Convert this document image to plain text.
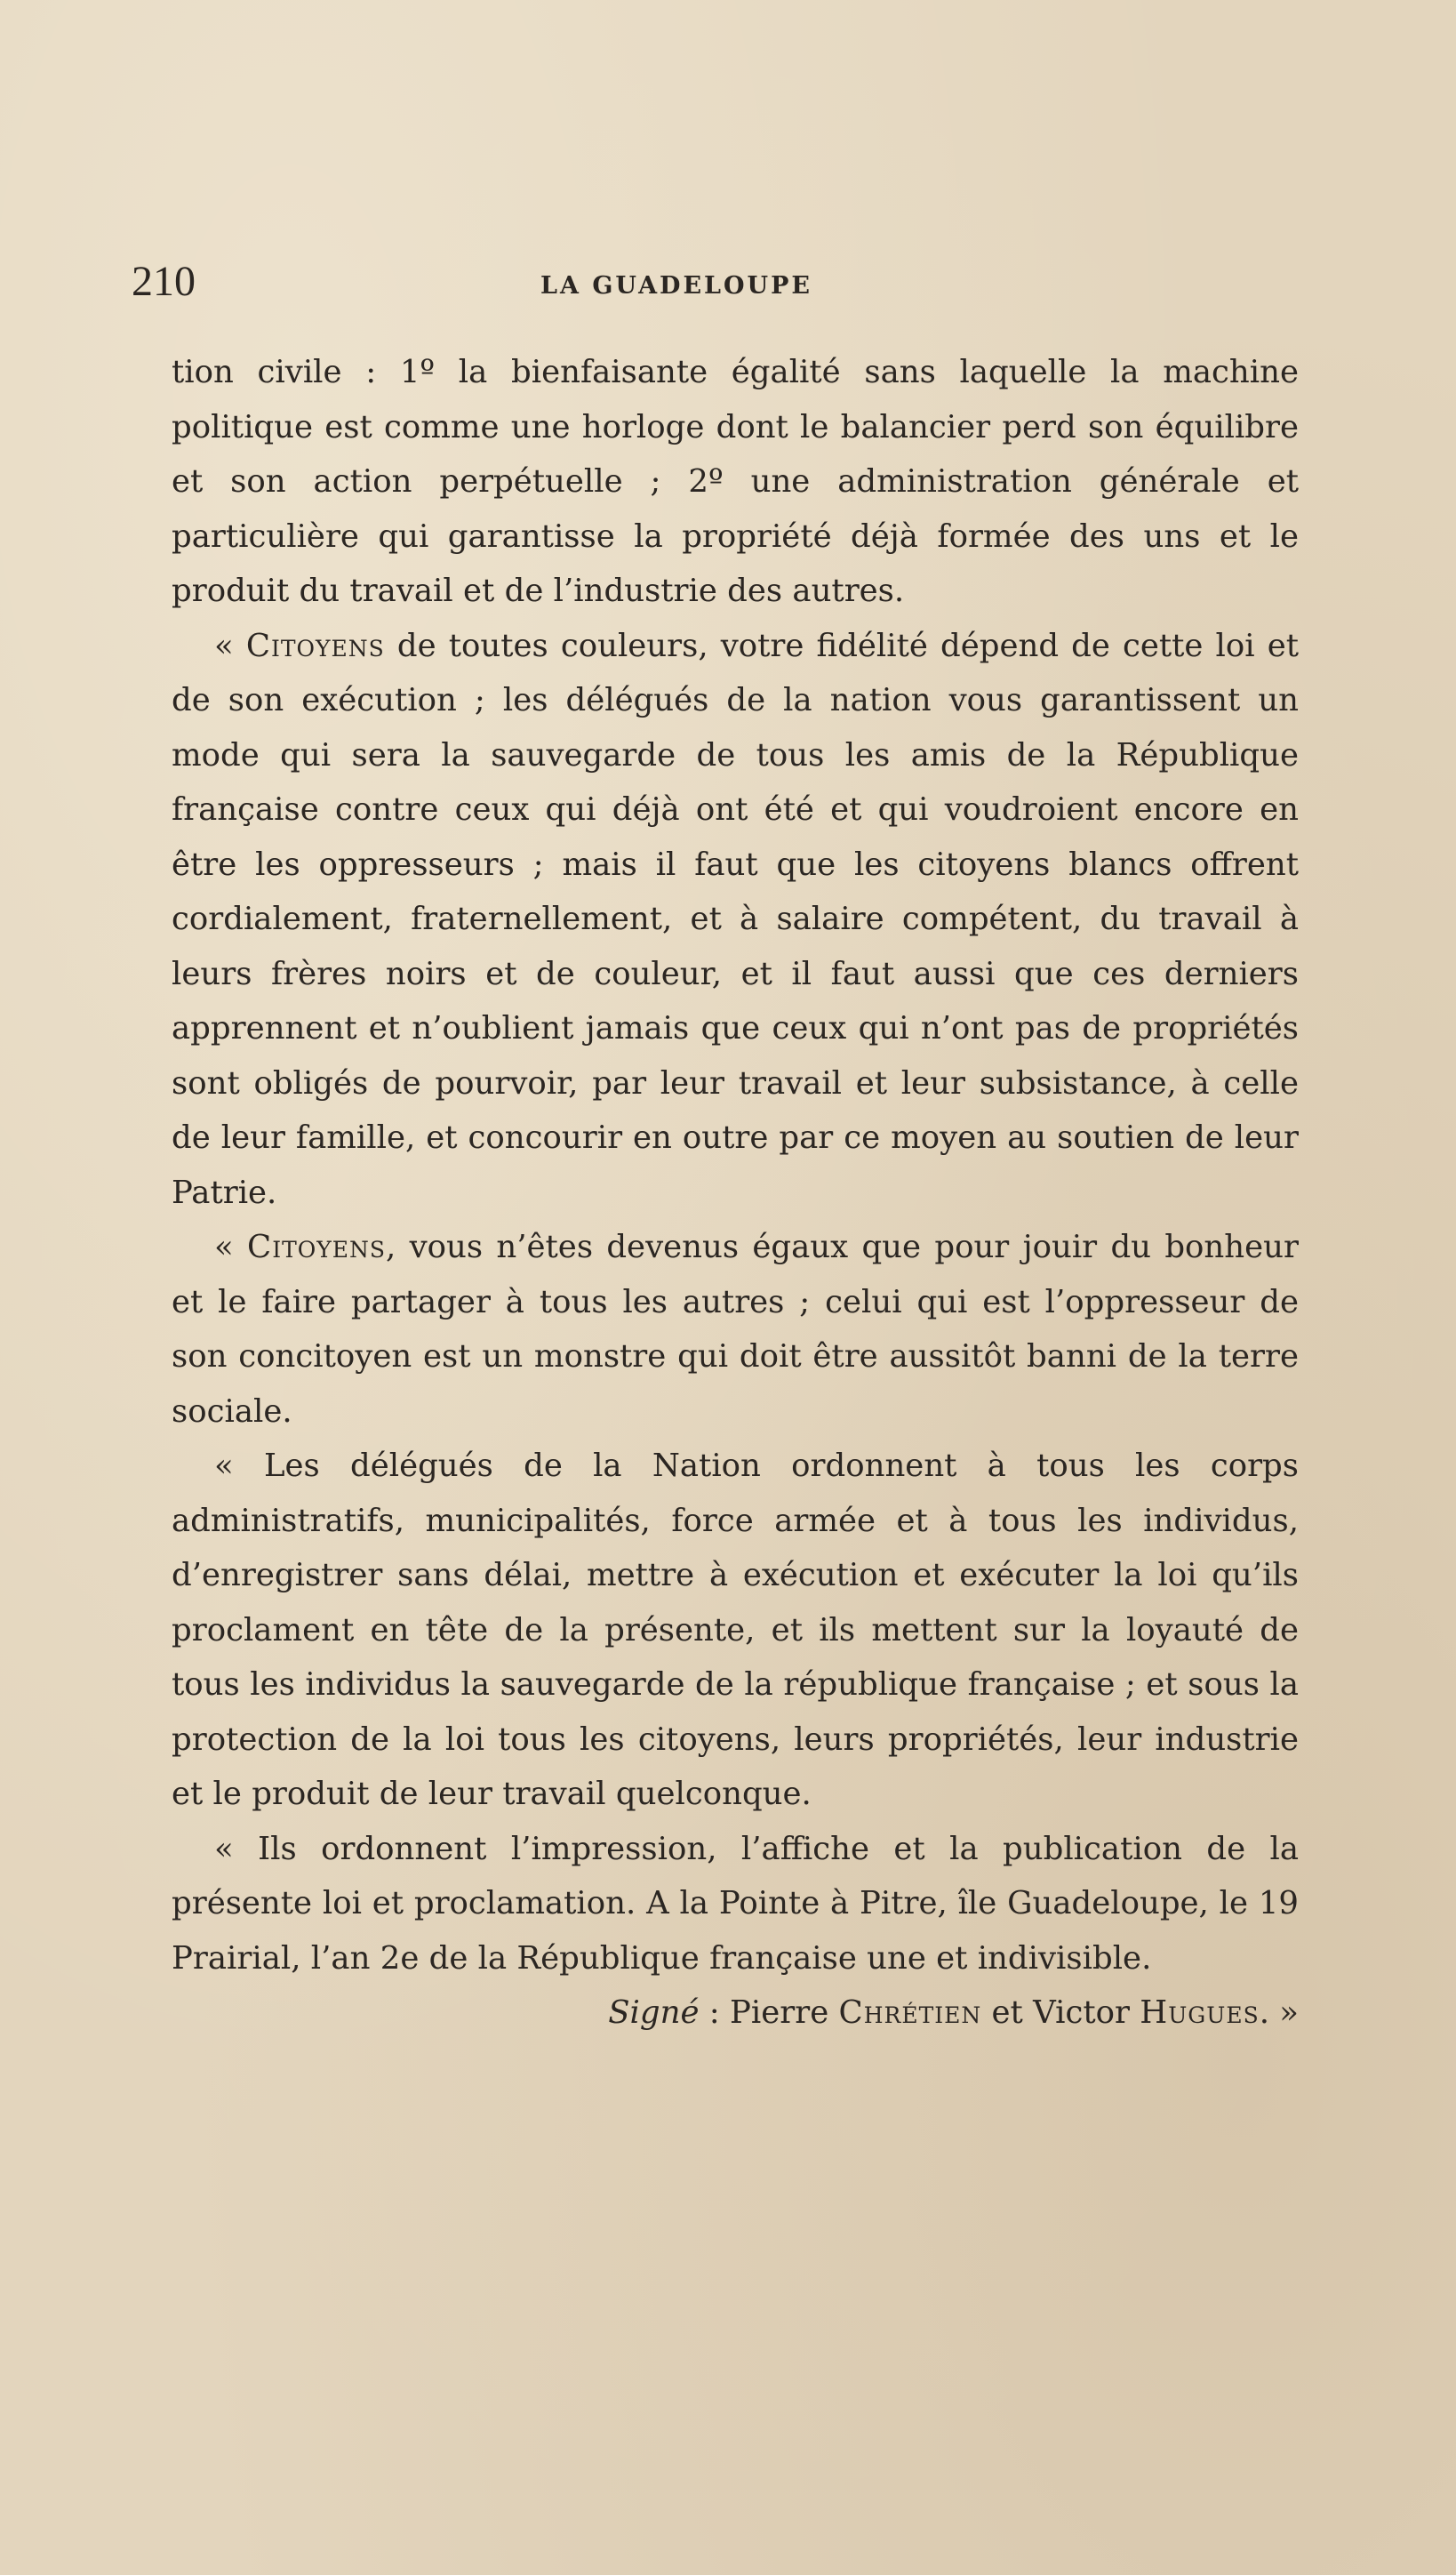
210	LA GUADELOUPE

tion civile : 1º la bienfaisante égalité sans laquelle la machine politique est comme une horloge dont le balancier perd son équilibre et son action perpétuelle ; 2º une administration générale et particulière qui garantisse la propriété déjà formée des uns et le produit du travail et de l’industrie des autres.

« Citoyens de toutes couleurs, votre fidélité dépend de cette loi et de son exécution ; les délégués de la nation vous garantissent un mode qui sera la sauvegarde de tous les amis de la République française contre ceux qui déjà ont été et qui voudroient encore en être les oppresseurs ; mais il faut que les citoyens blancs offrent cordialement, fraternellement, et à salaire compétent, du travail à leurs frères noirs et de couleur, et il faut aussi que ces derniers apprennent et n’oublient jamais que ceux qui n’ont pas de propriétés sont obligés de pourvoir, par leur travail et leur subsistance, à celle de leur famille, et concourir en outre par ce moyen au soutien de leur Patrie.

« Citoyens, vous n’êtes devenus égaux que pour jouir du bonheur et le faire partager à tous les autres ; celui qui est l’oppresseur de son concitoyen est un monstre qui doit être aussitôt banni de la terre sociale.

« Les délégués de la Nation ordonnent à tous les corps administratifs, municipalités, force armée et à tous les individus, d’enregistrer sans délai, mettre à exécution et exécuter la loi qu’ils proclament en tête de la présente, et ils mettent sur la loyauté de tous les individus la sauvegarde de la république française ; et sous la protection de la loi tous les citoyens, leurs propriétés, leur industrie et le produit de leur travail quelconque.

« Ils ordonnent l’impression, l’affiche et la publication de la présente loi et proclamation. A la Pointe à Pitre, île Guadeloupe, le 19 Prairial, l’an 2e de la République française une et indivisible.

Signé : Pierre Chrétien et Victor Hugues. »
